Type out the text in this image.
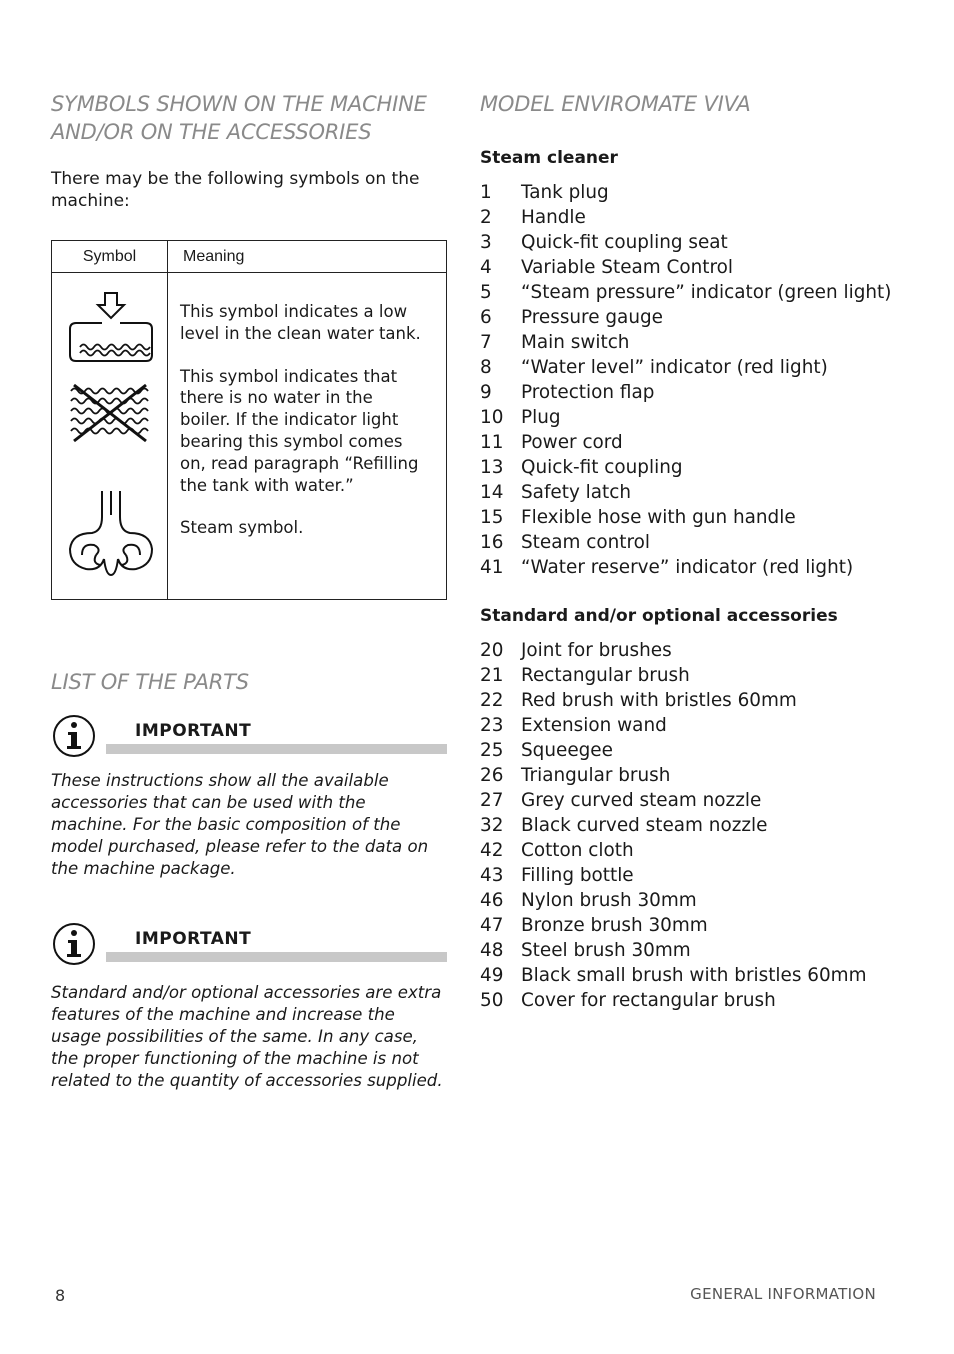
SYMBOLS SHOWN ON THE MACHINE
AND/OR ON THE ACCESSORIES

There may be the following symbols on the machine:

Symbol	Meaning

This symbol indicates a low level in the clean water tank.

This symbol indicates that there is no water in the boiler. If the indicator light bearing this symbol comes on, read paragraph “Refilling the tank with water.”

Steam symbol.

LIST OF THE PARTS
IMPORTANT

These instructions show all the available accessories that can be used with the machine. For the basic composition of the model purchased, please refer to the data on the machine package.

IMPORTANT

Standard and/or optional accessories are extra features of the machine and increase the usage possibilities of the same. In any case, the proper functioning of the machine is not related to the quantity of accessories supplied.

MODEL ENVIROMATE VIVA
Steam cleaner
1	Tank plug
2	Handle
3	Quick-fit coupling seat
4	Variable Steam Control
5	“Steam pressure” indicator (green light)
6	Pressure gauge
7	Main switch
8	“Water level” indicator (red light)
9	Protection flap
10 Plug
11 Power cord
13 Quick-fit coupling
14 Safety latch
15 Flexible hose with gun handle
16 Steam control
41 “Water reserve” indicator (red light)
Standard and/or optional accessories
20 Joint for brushes
21 Rectangular brush
22 Red brush with bristles 60mm
23 Extension wand
25 Squeegee
26 Triangular brush
27 Grey curved steam nozzle
32 Black curved steam nozzle
42 Cotton cloth
43 Filling bottle
46 Nylon brush 30mm
47 Bronze brush 30mm
48 Steel brush 30mm
49 Black small brush with bristles 60mm
50 Cover for rectangular brush
8	GENERAL INFORMATION
